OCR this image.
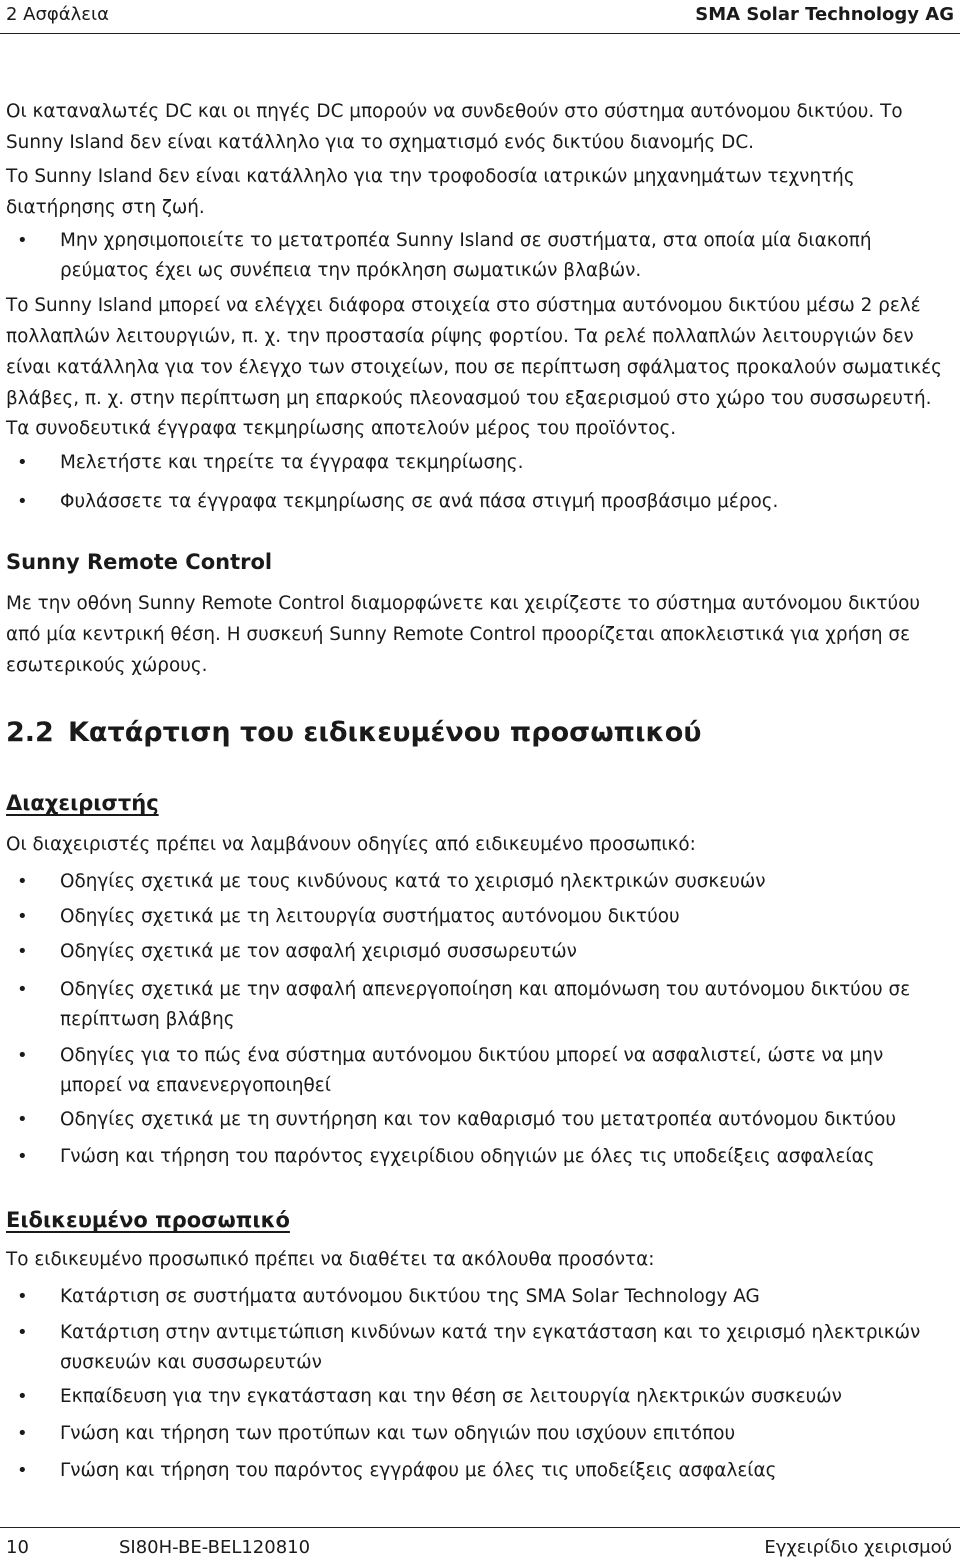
2 Ασφάλεια	SMA Solar Technology AG

Οι καταναλωτές DC και οι πηγές DC μπορούν να συνδεθούν στο σύστημα αυτόνομου δικτύου. Το Sunny Island δεν είναι κατάλληλο για το σχηματισμό ενός δικτύου διανομής DC.

Το Sunny Island δεν είναι κατάλληλο για την τροφοδοσία ιατρικών μηχανημάτων τεχνητής διατήρησης στη ζωή.

• Μην χρησιμοποιείτε το μετατροπέα Sunny Island σε συστήματα, στα οποία μία διακοπή ρεύματος έχει ως συνέπεια την πρόκληση σωματικών βλαβών.

Το Sunny Island μπορεί να ελέγχει διάφορα στοιχεία στο σύστημα αυτόνομου δικτύου μέσω 2 ρελέ πολλαπλών λειτουργιών, π. χ. την προστασία ρίψης φορτίου. Τα ρελέ πολλαπλών λειτουργιών δεν είναι κατάλληλα για τον έλεγχο των στοιχείων, που σε περίπτωση σφάλματος προκαλούν σωματικές βλάβες, π. χ. στην περίπτωση μη επαρκούς πλεονασμού του εξαερισμού στο χώρο του συσσωρευτή.

Τα συνοδευτικά έγγραφα τεκμηρίωσης αποτελούν μέρος του προϊόντος.

• Μελετήστε και τηρείτε τα έγγραφα τεκμηρίωσης.

• Φυλάσσετε τα έγγραφα τεκμηρίωσης σε ανά πάσα στιγμή προσβάσιμο μέρος.

Sunny Remote Control

Με την οθόνη Sunny Remote Control διαμορφώνετε και χειρίζεστε το σύστημα αυτόνομου δικτύου από μία κεντρική θέση. Η συσκευή Sunny Remote Control προορίζεται αποκλειστικά για χρήση σε εσωτερικούς χώρους.

2.2 Κατάρτιση του ειδικευμένου προσωπικού
Διαχειριστής

Οι διαχειριστές πρέπει να λαμβάνουν οδηγίες από ειδικευμένο προσωπικό:

• Οδηγίες σχετικά με τους κινδύνους κατά το χειρισμό ηλεκτρικών συσκευών

• Οδηγίες σχετικά με τη λειτουργία συστήματος αυτόνομου δικτύου

• Οδηγίες σχετικά με τον ασφαλή χειρισμό συσσωρευτών

• Οδηγίες σχετικά με την ασφαλή απενεργοποίηση και απομόνωση του αυτόνομου δικτύου σε περίπτωση βλάβης

• Οδηγίες για το πώς ένα σύστημα αυτόνομου δικτύου μπορεί να ασφαλιστεί, ώστε να μην μπορεί να επανενεργοποιηθεί

• Οδηγίες σχετικά με τη συντήρηση και τον καθαρισμό του μετατροπέα αυτόνομου δικτύου

• Γνώση και τήρηση του παρόντος εγχειρίδιου οδηγιών με όλες τις υποδείξεις ασφαλείας

Ειδικευμένο προσωπικό

Το ειδικευμένο προσωπικό πρέπει να διαθέτει τα ακόλουθα προσόντα:

• Κατάρτιση σε συστήματα αυτόνομου δικτύου της SMA Solar Technology AG

• Κατάρτιση στην αντιμετώπιση κινδύνων κατά την εγκατάσταση και το χειρισμό ηλεκτρικών συσκευών και συσσωρευτών

• Εκπαίδευση για την εγκατάσταση και την θέση σε λειτουργία ηλεκτρικών συσκευών

• Γνώση και τήρηση των προτύπων και των οδηγιών που ισχύουν επιτόπου

• Γνώση και τήρηση του παρόντος εγγράφου με όλες τις υποδείξεις ασφαλείας

10	SI80H-BE-BEL120810	Εγχειρίδιο χειρισμού
